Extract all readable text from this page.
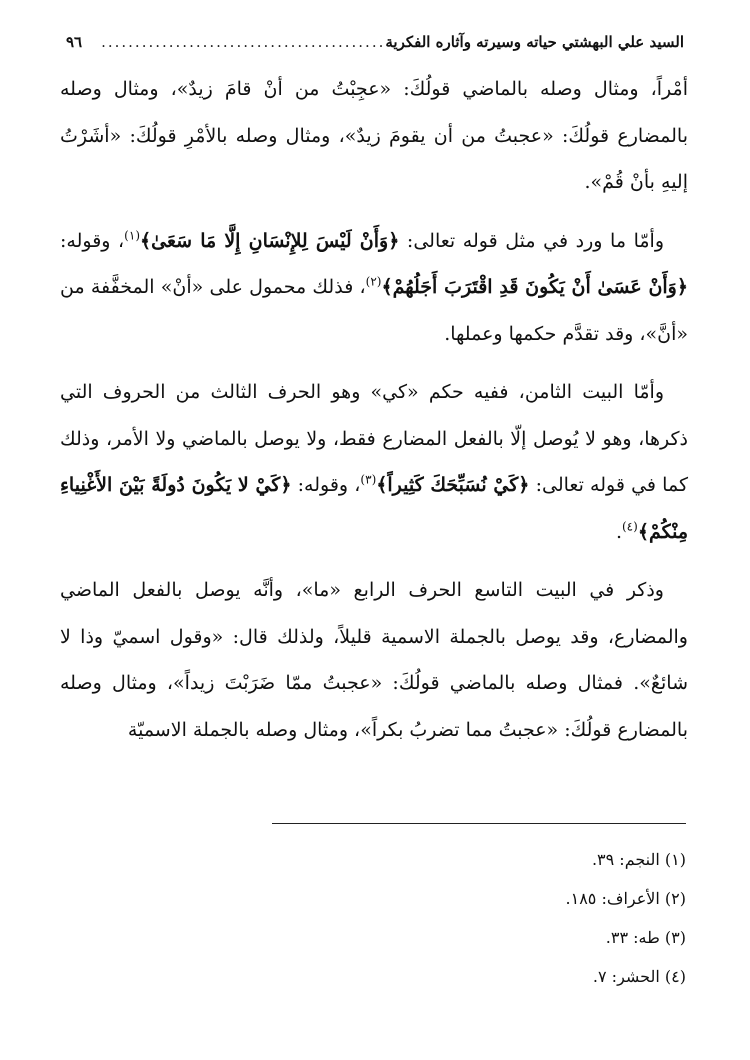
السيد علي البهشتي حياته وسيرته وآثاره الفكرية
..........................................
٩٦

أمْراً، ومثال وصله بالماضي قولُكَ: «عجِبْتُ من أنْ قامَ زيدٌ»، ومثال وصله بالمضارع قولُكَ: «عجبتُ من أن يقومَ زيدٌ»، ومثال وصله بالأمْرِ قولُكَ: «أشَرْتُ إليهِ بأنْ قُمْ».

وأمّا ما ورد في مثل قوله تعالى: ﴿وَأَنْ لَيْسَ لِلإِنْسَانِ إِلَّا مَا سَعَىٰ﴾$^{(١)}$، وقوله: ﴿وَأَنْ عَسَىٰ أَنْ يَكُونَ قَدِ اقْتَرَبَ أَجَلُهُمْ﴾$^{(٢)}$، فذلك محمول على «أنْ» المخفَّفة من «أنَّ»، وقد تقدَّم حكمها وعملها.

وأمّا البيت الثامن، ففيه حكم «كي» وهو الحرف الثالث من الحروف التي ذكرها، وهو لا يُوصل إلّا بالفعل المضارع فقط، ولا يوصل بالماضي ولا الأمر، وذلك كما في قوله تعالى: ﴿كَيْ نُسَبِّحَكَ كَثِيراً﴾$^{(٣)}$، وقوله: ﴿كَيْ لا يَكُونَ دُولَةً بَيْنَ الأَغْنِياءِ مِنْكُمْ﴾$^{(٤)}$.

وذكر في البيت التاسع الحرف الرابع «ما»، وأنَّه يوصل بالفعل الماضي والمضارع، وقد يوصل بالجملة الاسمية قليلاً، ولذلك قال: «وقول اسميّ وذا لا شائعٌ». فمثال وصله بالماضي قولُكَ: «عجبتُ ممّا ضَرَبْتَ زيداً»، ومثال وصله بالمضارع قولُكَ: «عجبتُ مما تضربُ بكراً»، ومثال وصله بالجملة الاسميّة

(١) النجم: ٣٩.
(٢) الأعراف: ١٨٥.
(٣) طه: ٣٣.
(٤) الحشر: ٧.
